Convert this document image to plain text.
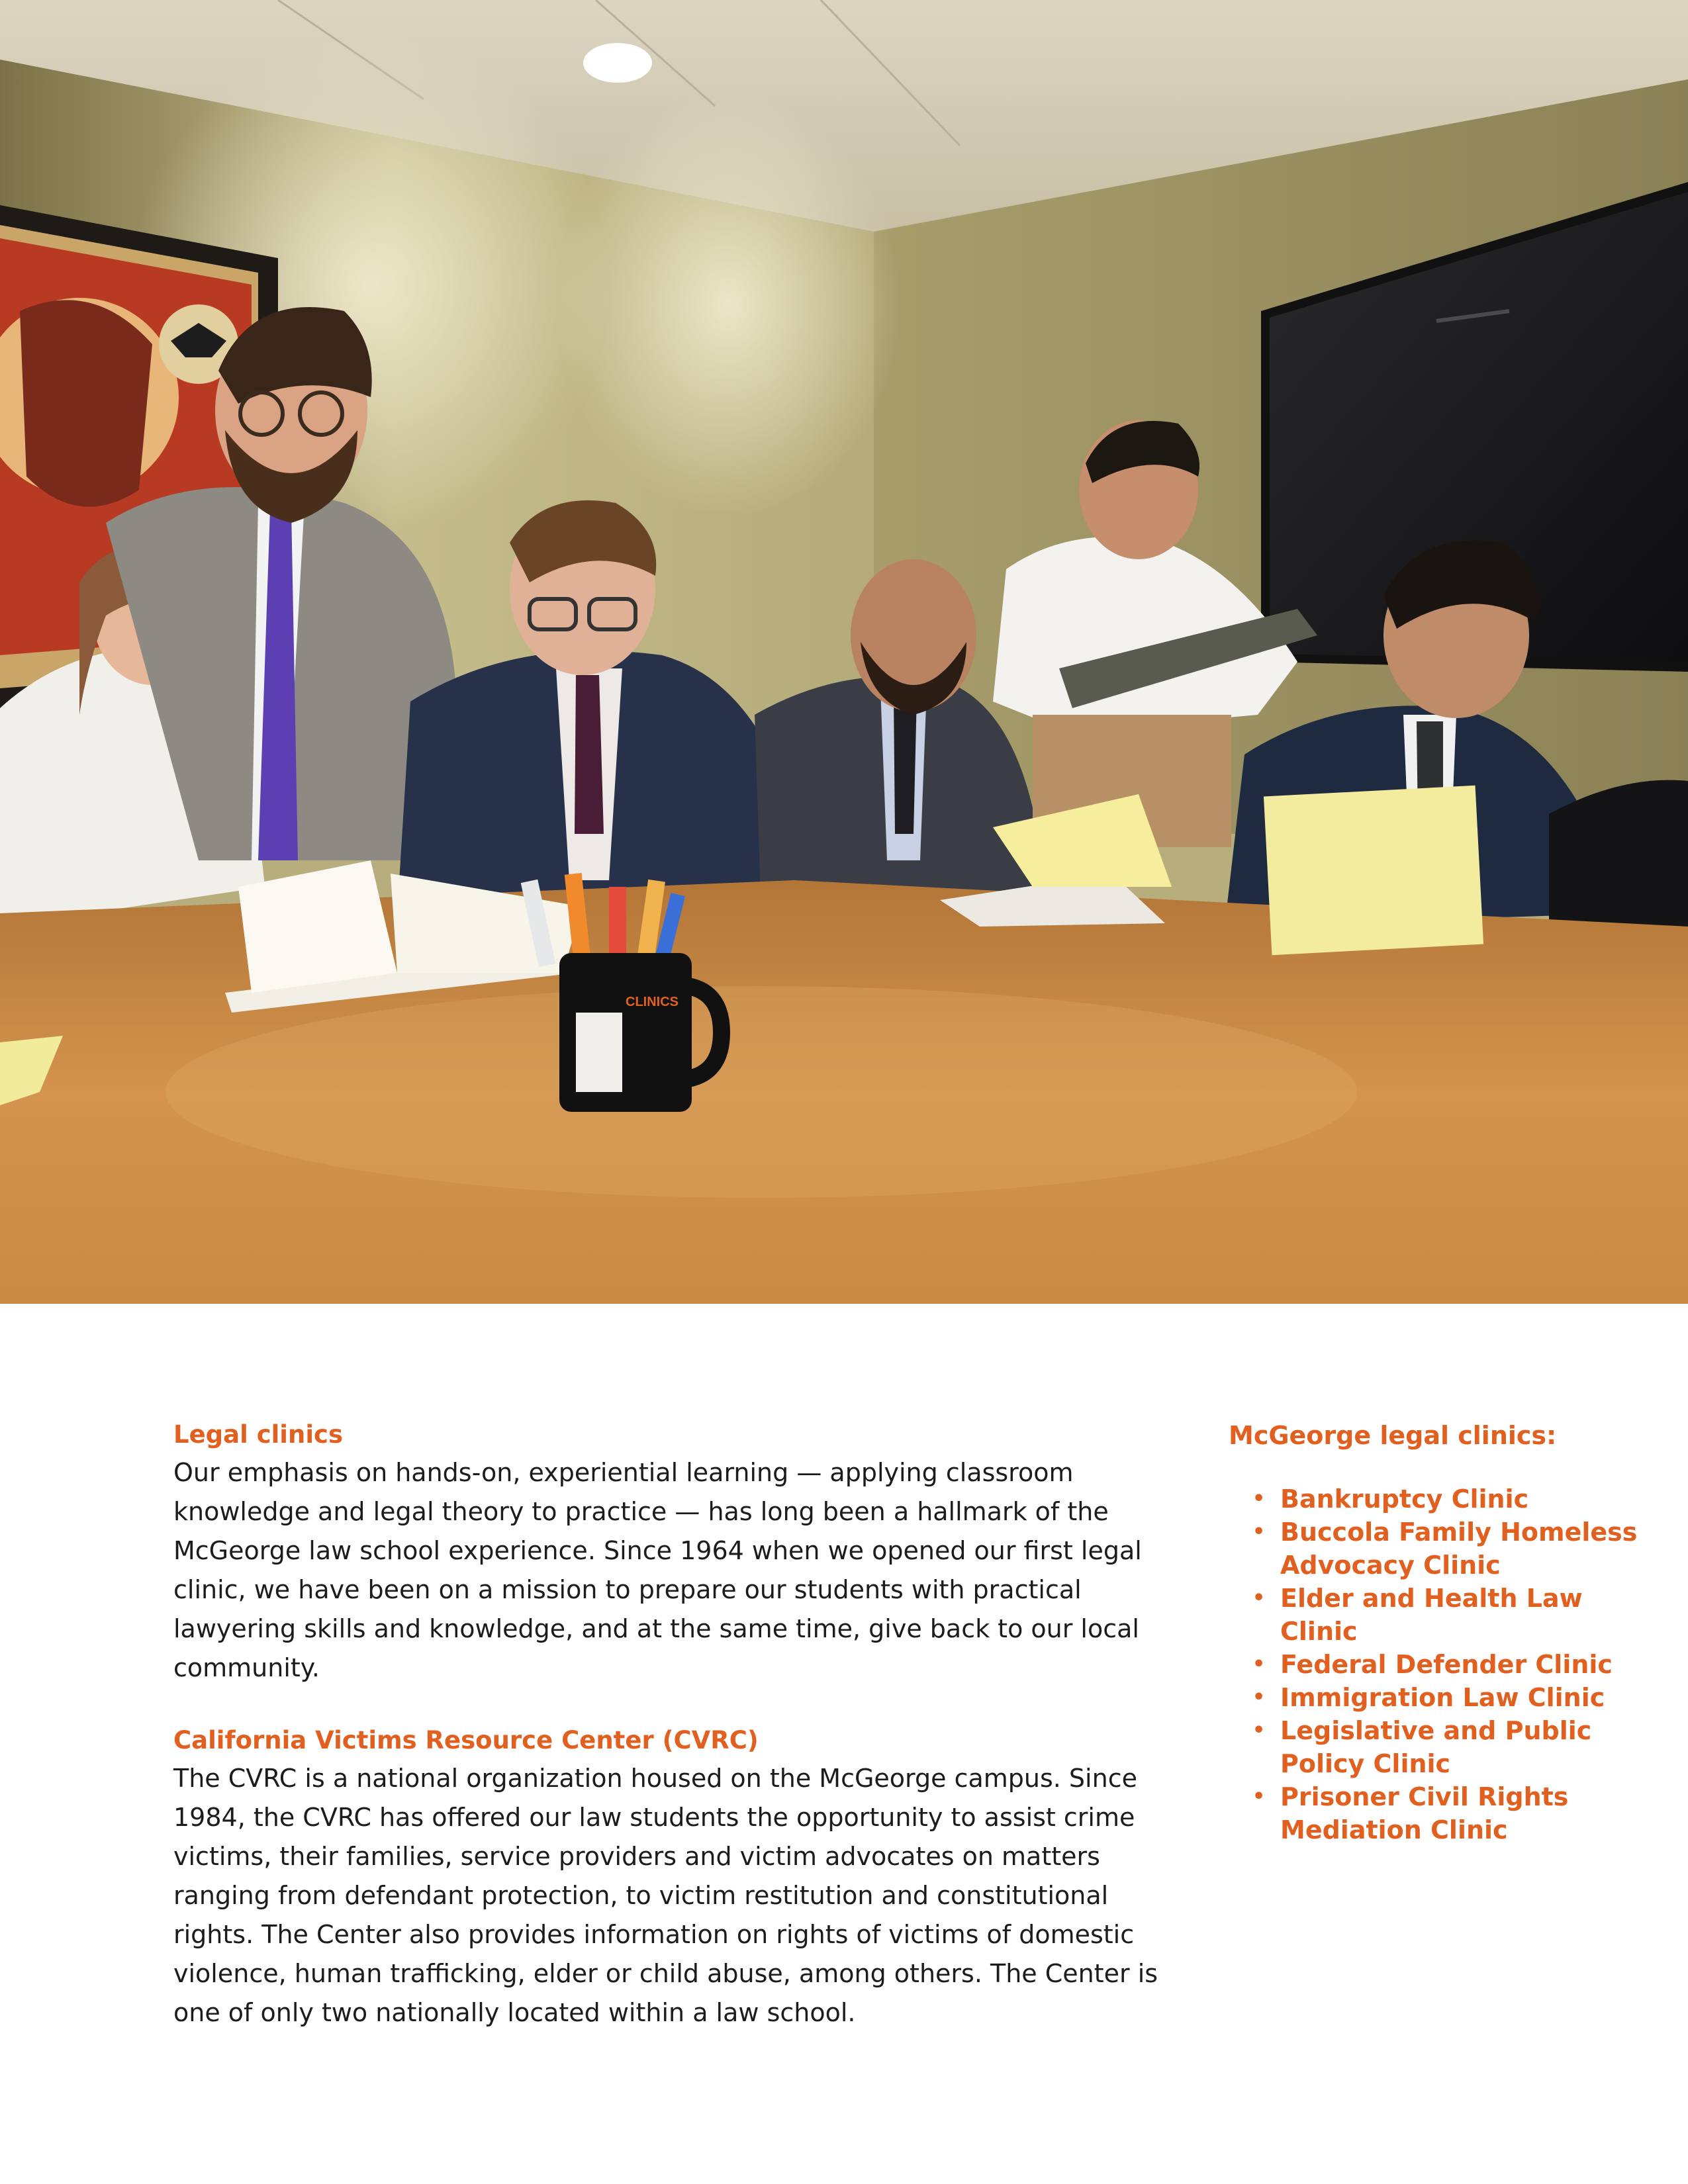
CLINICS
Legal clinics

Our emphasis on hands-on, experiential learning — applying classroom knowledge and legal theory to practice — has long been a hallmark of the McGeorge law school experience. Since 1964 when we opened our first legal clinic, we have been on a mission to prepare our students with practical lawyering skills and knowledge, and at the same time, give back to our local community.

California Victims Resource Center (CVRC)

The CVRC is a national organization housed on the McGeorge campus. Since 1984, the CVRC has offered our law students the opportunity to assist crime victims, their families, service providers and victim advocates on matters ranging from defendant protection, to victim restitution and constitutional rights. The Center also provides information on rights of victims of domestic violence, human trafficking, elder or child abuse, among others. The Center is one of only two nationally located within a law school.

McGeorge legal clinics:
• Bankruptcy Clinic
• Buccola Family Homeless Advocacy Clinic
• Elder and Health Law Clinic
• Federal Defender Clinic
• Immigration Law Clinic
• Legislative and Public Policy Clinic
• Prisoner Civil Rights Mediation Clinic
